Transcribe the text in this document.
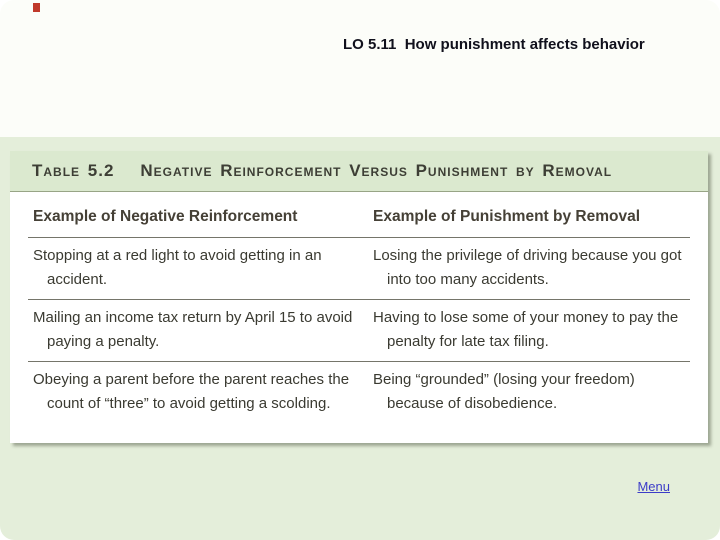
LO 5.11  How punishment affects behavior
Table 5.2 Negative Reinforcement Versus Punishment by Removal
Example of Negative Reinforcement	Example of Punishment by Removal
Stopping at a red light to avoid getting in an accident.
Losing the privilege of driving because you got into too many accidents.
Mailing an income tax return by April 15 to avoid paying a penalty.
Having to lose some of your money to pay the penalty for late tax filing.
Obeying a parent before the parent reaches the count of “three” to avoid getting a scolding.
Being “grounded” (losing your freedom) because of disobedience.
Menu
